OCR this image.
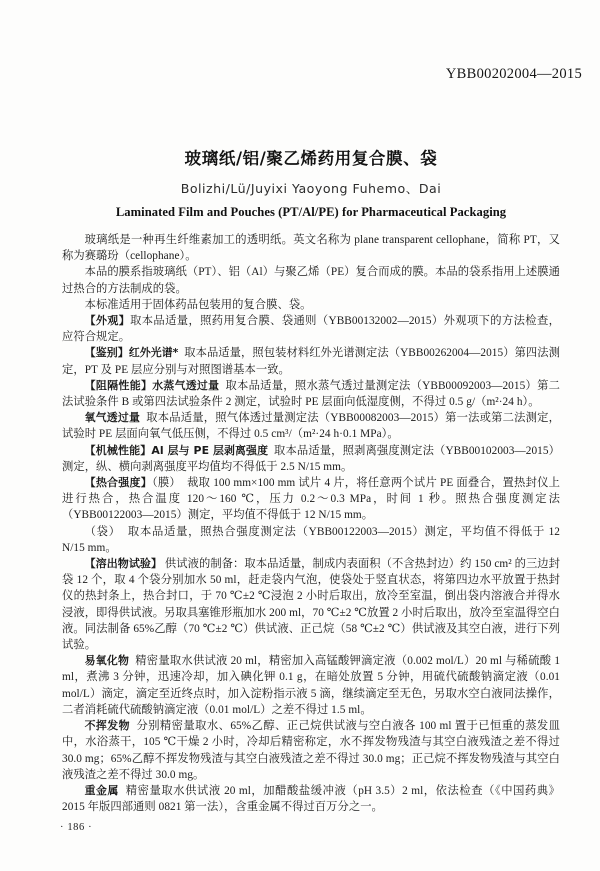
YBB00202004—2015
玻璃纸/铝/聚乙烯药用复合膜、袋
Bolizhi/Lü/Juyixi Yaoyong Fuhemo、Dai
Laminated Film and Pouches (PT/Al/PE) for Pharmaceutical Packaging

玻璃纸是一种再生纤维素加工的透明纸。英文名称为 plane transparent cellophane，简称 PT，又称为赛璐玢（cellophane）。

本品的膜系指玻璃纸（PT）、铝（Al）与聚乙烯（PE）复合而成的膜。本品的袋系指用上述膜通过热合的方法制成的袋。

本标准适用于固体药品包装用的复合膜、袋。

【外观】取本品适量，照药用复合膜、袋通则（YBB00132002—2015）外观项下的方法检查，应符合规定。

【鉴别】红外光谱* 取本品适量，照包装材料红外光谱测定法（YBB00262004—2015）第四法测定，PT 及 PE 层应分别与对照图谱基本一致。

【阻隔性能】水蒸气透过量 取本品适量，照水蒸气透过量测定法（YBB00092003—2015）第二法试验条件 B 或第四法试验条件 2 测定，试验时 PE 层面向低湿度侧，不得过 0.5 g/（m²·24 h）。

氧气透过量 取本品适量，照气体透过量测定法（YBB00082003—2015）第一法或第二法测定，试验时 PE 层面向氧气低压侧，不得过 0.5 cm³/（m²·24 h·0.1 MPa）。

【机械性能】Al 层与 PE 层剥离强度 取本品适量，照剥离强度测定法（YBB00102003—2015）测定，纵、横向剥离强度平均值均不得低于 2.5 N/15 mm。

【热合强度】（膜） 裁取 100 mm×100 mm 试片 4 片，将任意两个试片 PE 面叠合，置热封仪上进行热合，热合温度 120～160 ℃，压力 0.2～0.3 MPa，时间 1 秒。照热合强度测定法（YBB00122003—2015）测定，平均值不得低于 12 N/15 mm。

（袋） 取本品适量，照热合强度测定法（YBB00122003—2015）测定，平均值不得低于 12 N/15 mm。

【溶出物试验】 供试液的制备：取本品适量，制成内表面积（不含热封边）约 150 cm² 的三边封袋 12 个，取 4 个袋分别加水 50 ml，赶走袋内气泡，使袋处于竖直状态，将第四边水平放置于热封仪的热封条上，热合封口，于 70 ℃±2 ℃浸泡 2 小时后取出，放冷至室温，倒出袋内溶液合并得水浸液，即得供试液。另取具塞锥形瓶加水 200 ml，70 ℃±2 ℃放置 2 小时后取出，放冷至室温得空白液。同法制备 65%乙醇（70 ℃±2 ℃）供试液、正己烷（58 ℃±2 ℃）供试液及其空白液，进行下列试验。

易氧化物 精密量取水供试液 20 ml，精密加入高锰酸钾滴定液（0.002 mol/L）20 ml 与稀硫酸 1 ml，煮沸 3 分钟，迅速冷却，加入碘化钾 0.1 g，在暗处放置 5 分钟，用硫代硫酸钠滴定液（0.01 mol/L）滴定，滴定至近终点时，加入淀粉指示液 5 滴，继续滴定至无色，另取水空白液同法操作，二者消耗硫代硫酸钠滴定液（0.01 mol/L）之差不得过 1.5 ml。

不挥发物 分别精密量取水、65%乙醇、正己烷供试液与空白液各 100 ml 置于已恒重的蒸发皿中，水浴蒸干，105 ℃干燥 2 小时，冷却后精密称定，水不挥发物残渣与其空白液残渣之差不得过 30.0 mg；65%乙醇不挥发物残渣与其空白液残渣之差不得过 30.0 mg；正己烷不挥发物残渣与其空白液残渣之差不得过 30.0 mg。

重金属 精密量取水供试液 20 ml，加醋酸盐缓冲液（pH 3.5）2 ml，依法检查（《中国药典》2015 年版四部通则 0821 第一法），含重金属不得过百万分之一。

· 186 ·
